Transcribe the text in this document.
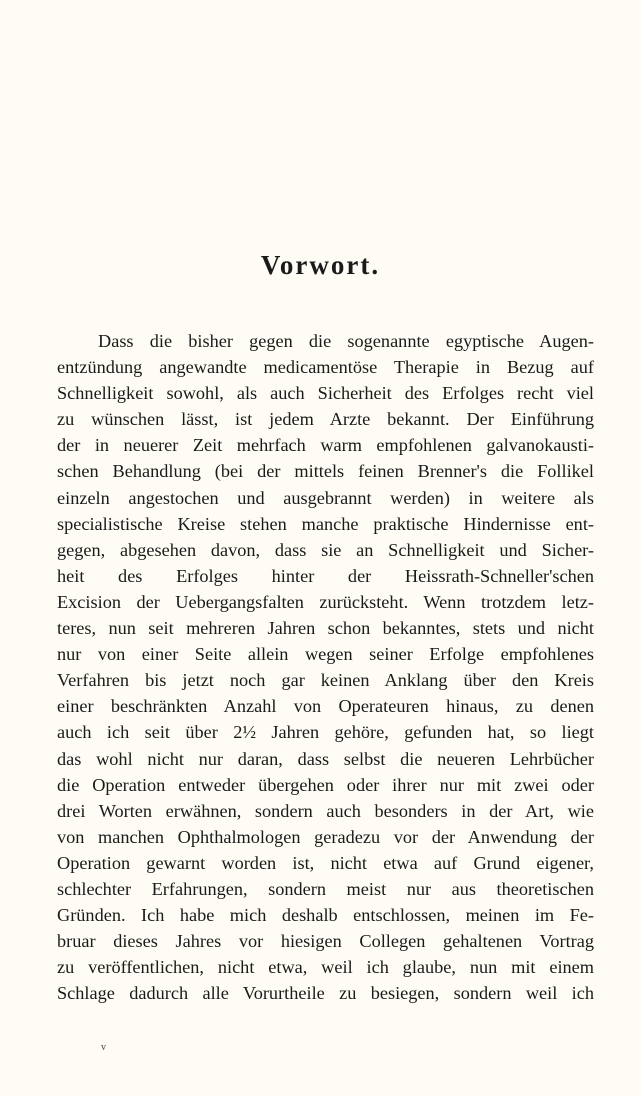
Vorwort.
Dass die bisher gegen die sogenannte egyptische Augen-
entzündung angewandte medicamentöse Therapie in Bezug auf
Schnelligkeit sowohl, als auch Sicherheit des Erfolges recht viel
zu wünschen lässt, ist jedem Arzte bekannt. Der Einführung
der in neuerer Zeit mehrfach warm empfohlenen galvanokausti-
schen Behandlung (bei der mittels feinen Brenner's die Follikel
einzeln angestochen und ausgebrannt werden) in weitere als
specialistische Kreise stehen manche praktische Hindernisse ent-
gegen, abgesehen davon, dass sie an Schnelligkeit und Sicher-
heit des Erfolges hinter der Heissrath-Schneller'schen
Excision der Uebergangsfalten zurücksteht. Wenn trotzdem letz-
teres, nun seit mehreren Jahren schon bekanntes, stets und nicht
nur von einer Seite allein wegen seiner Erfolge empfohlenes
Verfahren bis jetzt noch gar keinen Anklang über den Kreis
einer beschränkten Anzahl von Operateuren hinaus, zu denen
auch ich seit über 2½ Jahren gehöre, gefunden hat, so liegt
das wohl nicht nur daran, dass selbst die neueren Lehrbücher
die Operation entweder übergehen oder ihrer nur mit zwei oder
drei Worten erwähnen, sondern auch besonders in der Art, wie
von manchen Ophthalmologen geradezu vor der Anwendung der
Operation gewarnt worden ist, nicht etwa auf Grund eigener,
schlechter Erfahrungen, sondern meist nur aus theoretischen
Gründen. Ich habe mich deshalb entschlossen, meinen im Fe-
bruar dieses Jahres vor hiesigen Collegen gehaltenen Vortrag
zu veröffentlichen, nicht etwa, weil ich glaube, nun mit einem
Schlage dadurch alle Vorurtheile zu besiegen, sondern weil ich
v
